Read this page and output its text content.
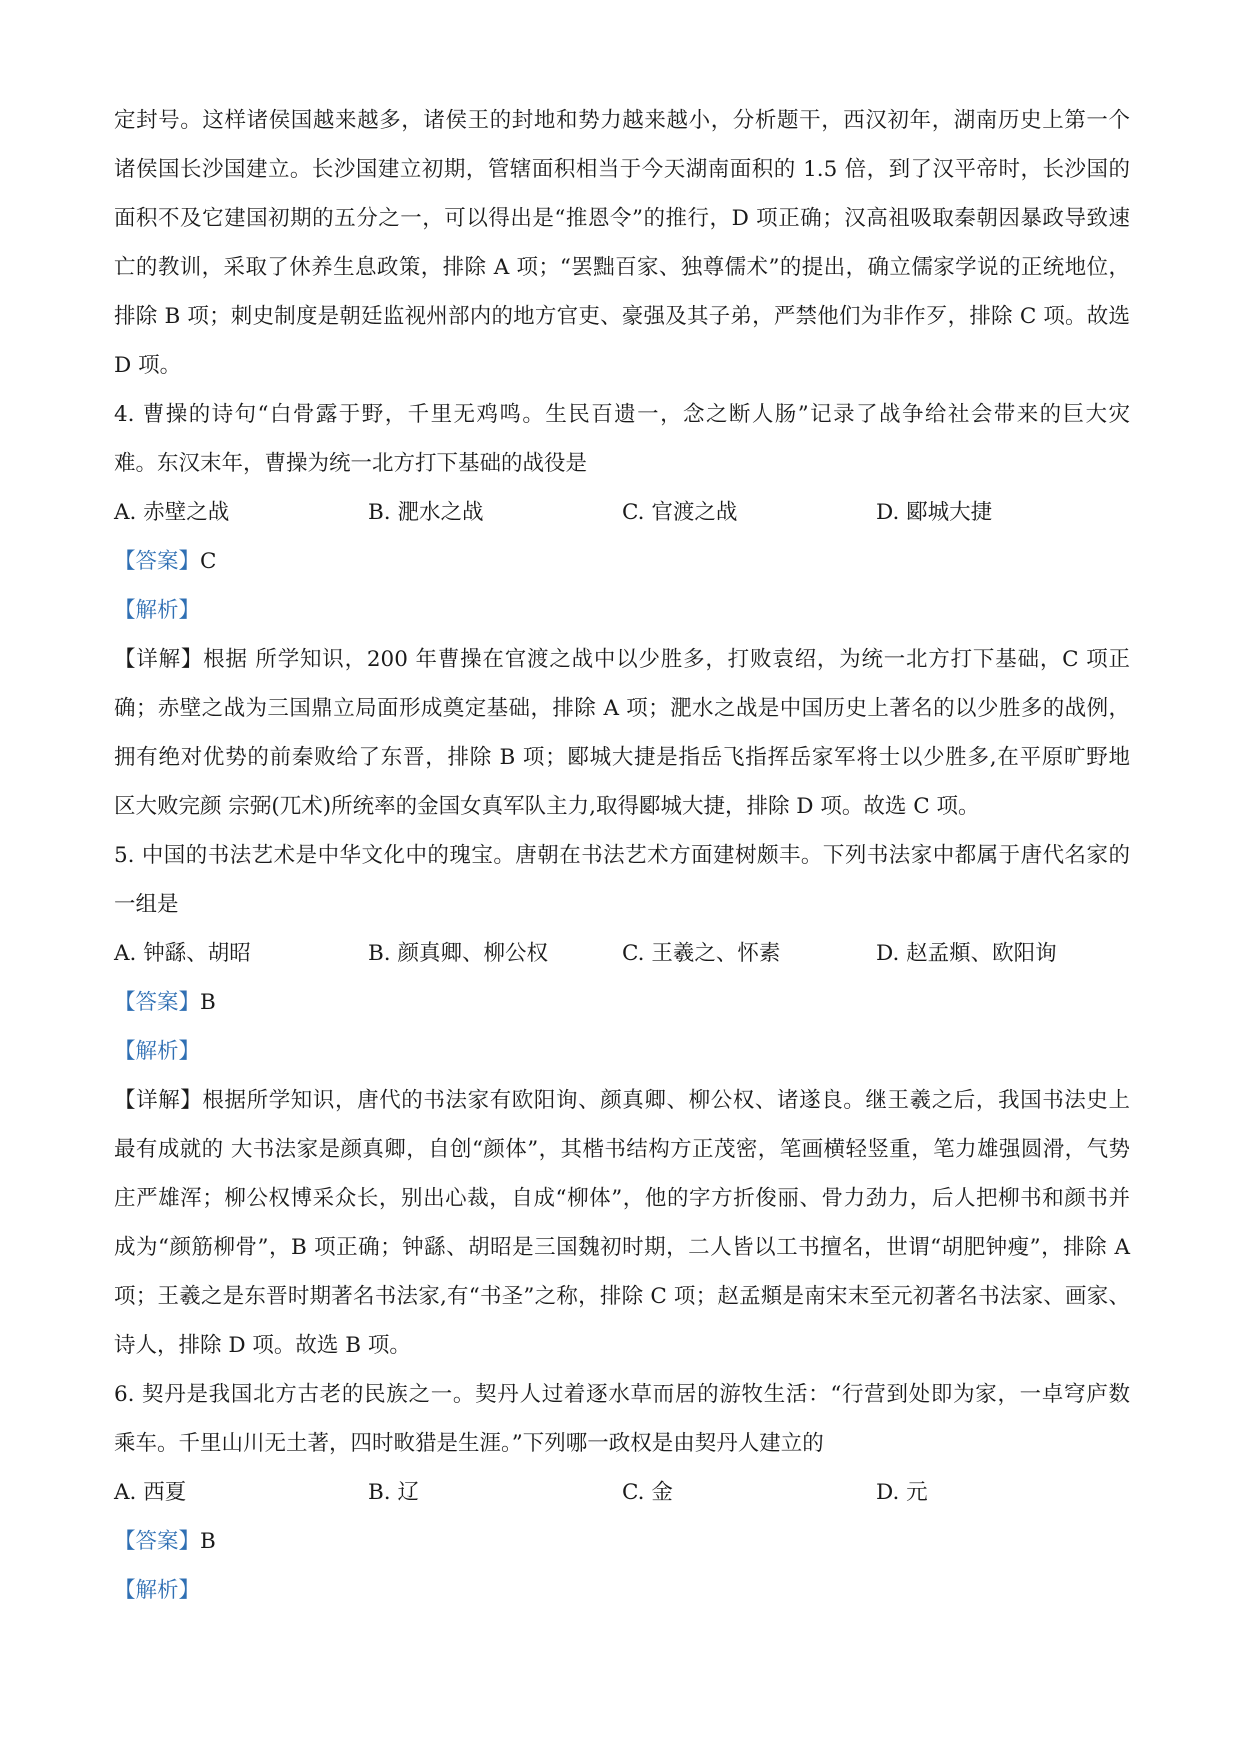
定封号。这样诸侯国越来越多，诸侯王的封地和势力越来越小，分析题干，西汉初年，湖南历史上第一个
诸侯国长沙国建立。长沙国建立初期，管辖面积相当于今天湖南面积的 1.5 倍，到了汉平帝时，长沙国的
面积不及它建国初期的五分之一，可以得出是“推恩令”的推行，D 项正确；汉高祖吸取秦朝因暴政导致速
亡的教训，采取了休养生息政策，排除 A 项；“罢黜百家、独尊儒术”的提出，确立儒家学说的正统地位，
排除 B 项；刺史制度是朝廷监视州部内的地方官吏、豪强及其子弟，严禁他们为非作歹，排除 C 项。故选
D 项。
4. 曹操的诗句“白骨露于野，千里无鸡鸣。生民百遗一，念之断人肠”记录了战争给社会带来的巨大灾
难。东汉末年，曹操为统一北方打下基础的战役是
A. 赤壁之战	B. 淝水之战	C. 官渡之战	D. 郾城大捷
【答案】C
【解析】
【详解】根据 所学知识，200 年曹操在官渡之战中以少胜多，打败袁绍，为统一北方打下基础，C 项正
确；赤壁之战为三国鼎立局面形成奠定基础，排除 A 项；淝水之战是中国历史上著名的以少胜多的战例，
拥有绝对优势的前秦败给了东晋，排除 B 项；郾城大捷是指岳飞指挥岳家军将士以少胜多,在平原旷野地
区大败完颜 宗弼(兀术)所统率的金国女真军队主力,取得郾城大捷，排除 D 项。故选 C 项。
5. 中国的书法艺术是中华文化中的瑰宝。唐朝在书法艺术方面建树颇丰。下列书法家中都属于唐代名家的
一组是
A. 钟繇、胡昭	B. 颜真卿、柳公权	C. 王羲之、怀素	D. 赵孟頫、欧阳询
【答案】B
【解析】
【详解】根据所学知识，唐代的书法家有欧阳询、颜真卿、柳公权、诸遂良。继王羲之后，我国书法史上
最有成就的 大书法家是颜真卿，自创“颜体”，其楷书结构方正茂密，笔画横轻竖重，笔力雄强圆滑，气势
庄严雄浑；柳公权博采众长，别出心裁，自成“柳体”，他的字方折俊丽、骨力劲力，后人把柳书和颜书并
成为“颜筋柳骨”，B 项正确；钟繇、胡昭是三国魏初时期，二人皆以工书擅名，世谓“胡肥钟瘦”，排除 A
项；王羲之是东晋时期著名书法家,有“书圣”之称，排除 C 项；赵孟頫是南宋末至元初著名书法家、画家、
诗人，排除 D 项。故选 B 项。
6. 契丹是我国北方古老的民族之一。契丹人过着逐水草而居的游牧生活：“行营到处即为家，一卓穹庐数
乘车。千里山川无土著，四时畋猎是生涯。”下列哪一政权是由契丹人建立的
A. 西夏	B. 辽	C. 金	D. 元
【答案】B
【解析】
